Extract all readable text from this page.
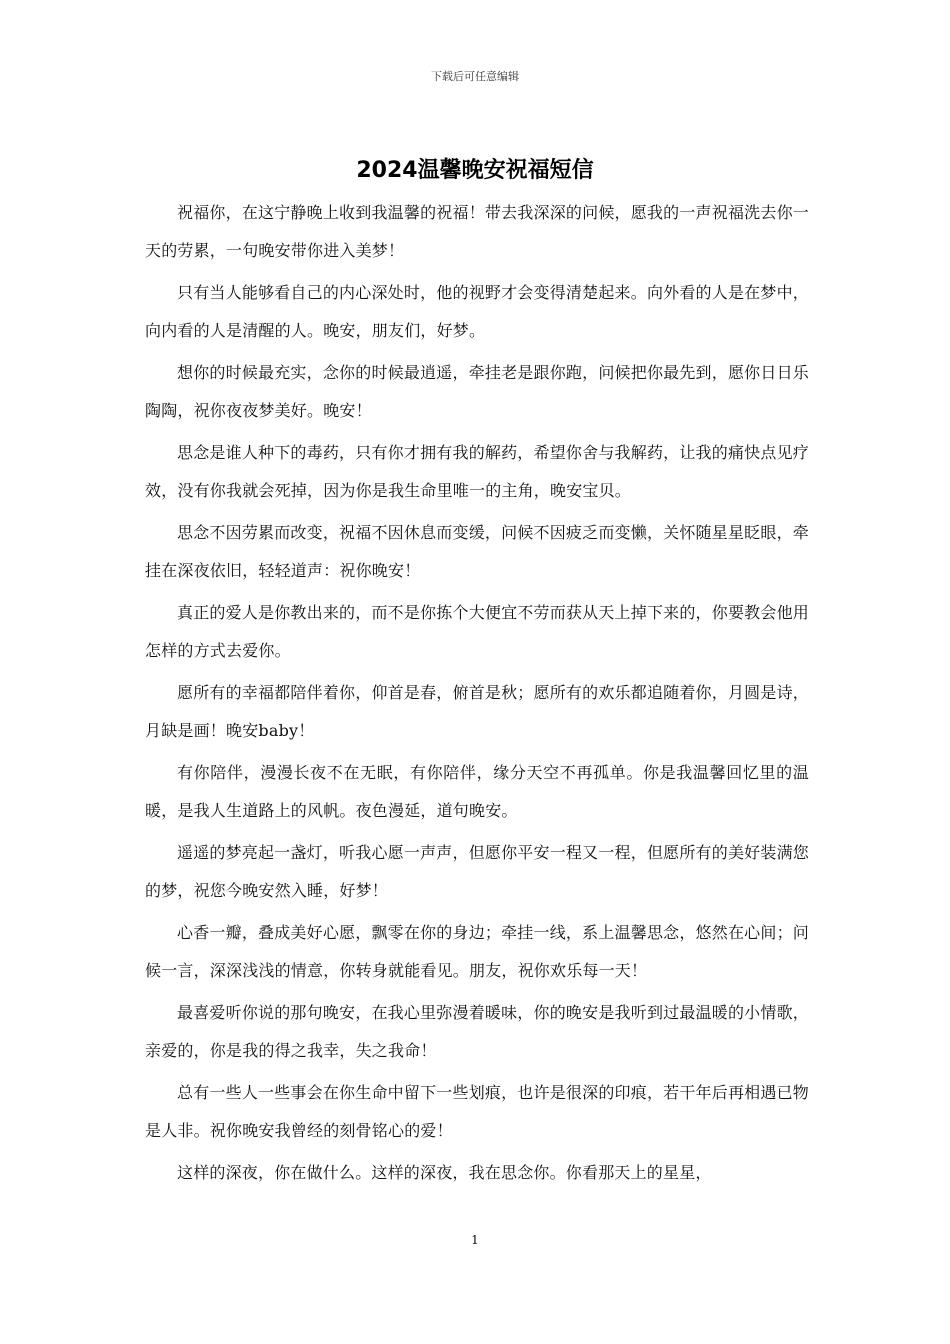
下载后可任意编辑
2024温馨晚安祝福短信

祝福你，在这宁静晚上收到我温馨的祝福！带去我深深的问候，愿我的一声祝福洗去你一天的劳累，一句晚安带你进入美梦！

只有当人能够看自己的内心深处时，他的视野才会变得清楚起来。向外看的人是在梦中，向内看的人是清醒的人。晚安，朋友们，好梦。

想你的时候最充实，念你的时候最逍遥，牵挂老是跟你跑，问候把你最先到，愿你日日乐陶陶，祝你夜夜梦美好。晚安！

思念是谁人种下的毒药，只有你才拥有我的解药，希望你舍与我解药，让我的痛快点见疗效，没有你我就会死掉，因为你是我生命里唯一的主角，晚安宝贝。

思念不因劳累而改变，祝福不因休息而变缓，问候不因疲乏而变懒，关怀随星星眨眼，牵挂在深夜依旧，轻轻道声：祝你晚安！

真正的爱人是你教出来的，而不是你拣个大便宜不劳而获从天上掉下来的，你要教会他用怎样的方式去爱你。

愿所有的幸福都陪伴着你，仰首是春，俯首是秋；愿所有的欢乐都追随着你，月圆是诗，月缺是画！晚安baby！

有你陪伴，漫漫长夜不在无眠，有你陪伴，缘分天空不再孤单。你是我温馨回忆里的温暖，是我人生道路上的风帆。夜色漫延，道句晚安。

遥遥的梦亮起一盏灯，听我心愿一声声，但愿你平安一程又一程，但愿所有的美好装满您的梦，祝您今晚安然入睡，好梦！

心香一瓣，叠成美好心愿，飘零在你的身边；牵挂一线，系上温馨思念，悠然在心间；问候一言，深深浅浅的情意，你转身就能看见。朋友，祝你欢乐每一天！

最喜爱听你说的那句晚安，在我心里弥漫着暖味，你的晚安是我听到过最温暖的小情歌，亲爱的，你是我的得之我幸，失之我命！

总有一些人一些事会在你生命中留下一些划痕，也许是很深的印痕，若干年后再相遇已物是人非。祝你晚安我曾经的刻骨铭心的爱！

这样的深夜，你在做什么。这样的深夜，我在思念你。你看那天上的星星，

1
